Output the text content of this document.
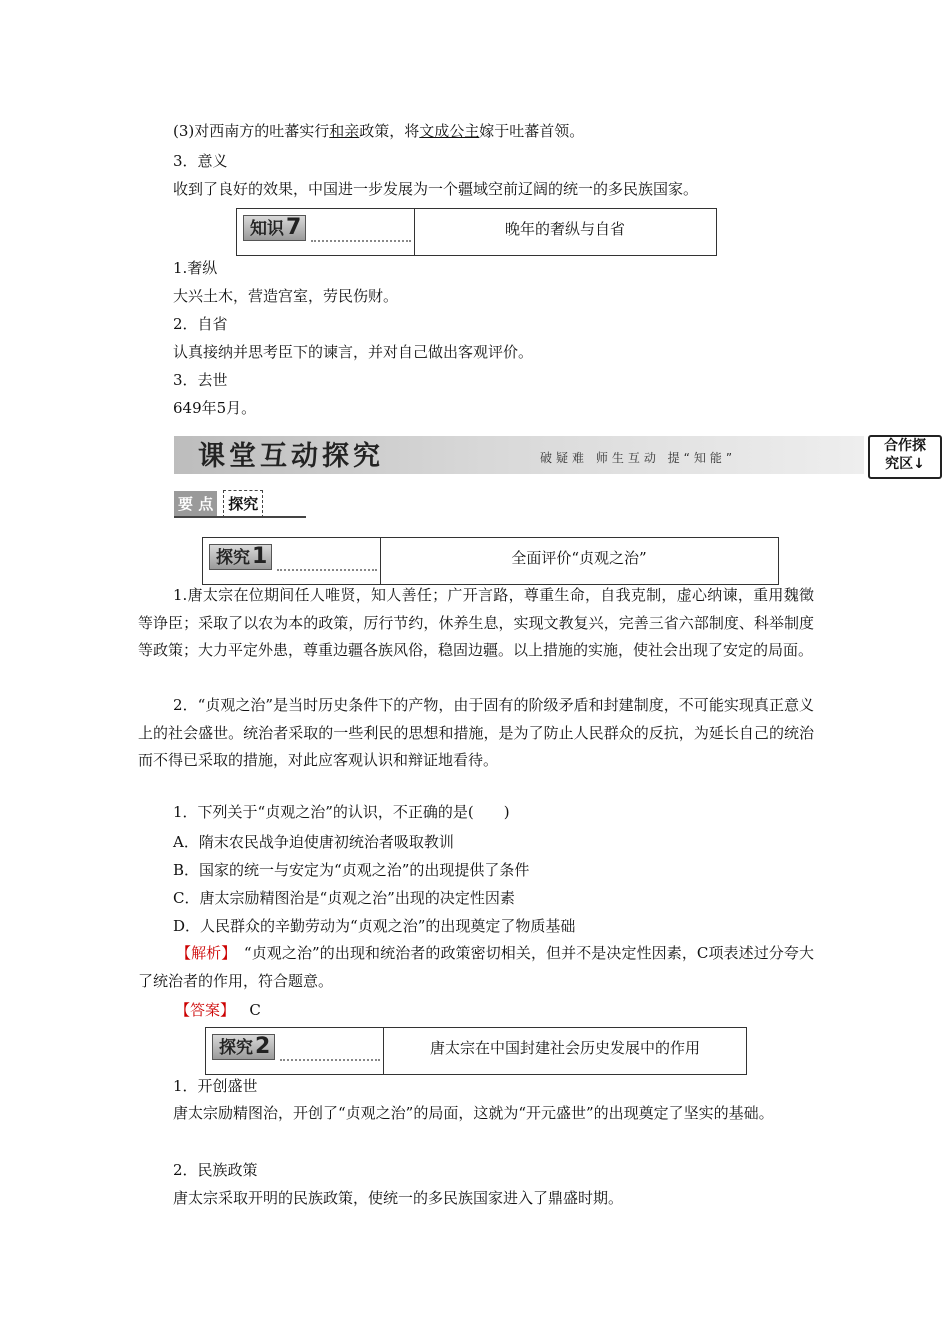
(3)对西南方的吐蕃实行和亲政策，将文成公主嫁于吐蕃首领。
3．意义
收到了良好的效果，中国进一步发展为一个疆域空前辽阔的统一的多民族国家。
知识7	晚年的奢纵与自省
1.奢纵
大兴土木，营造宫室，劳民伤财。
2．自省
认真接纳并思考臣下的谏言，并对自己做出客观评价。
3．去世
649年5月。
课堂互动探究	破疑难 师生互动 提“知能”
合作探
究区↓
要 点 探究
探究1	全面评价“贞观之治”
1.唐太宗在位期间任人唯贤，知人善任；广开言路，尊重生命，自我克制，虚心纳谏，重用魏徵等诤臣；采取了以农为本的政策，厉行节约，休养生息，实现文教复兴，完善三省六部制度、科举制度等政策；大力平定外患，尊重边疆各族风俗，稳固边疆。以上措施的实施，使社会出现了安定的局面。
2．“贞观之治”是当时历史条件下的产物，由于固有的阶级矛盾和封建制度，不可能实现真正意义上的社会盛世。统治者采取的一些利民的思想和措施，是为了防止人民群众的反抗，为延长自己的统治而不得已采取的措施，对此应客观认识和辩证地看待。
1．下列关于“贞观之治”的认识，不正确的是(　　)
A．隋末农民战争迫使唐初统治者吸取教训
B．国家的统一与安定为“贞观之治”的出现提供了条件
C．唐太宗励精图治是“贞观之治”出现的决定性因素
D．人民群众的辛勤劳动为“贞观之治”的出现奠定了物质基础
【解析】　“贞观之治”的出现和统治者的政策密切相关，但并不是决定性因素，C项表述过分夸大了统治者的作用，符合题意。
【答案】 C
探究2	唐太宗在中国封建社会历史发展中的作用
1．开创盛世
唐太宗励精图治，开创了“贞观之治”的局面，这就为“开元盛世”的出现奠定了坚实的基础。
2．民族政策
唐太宗采取开明的民族政策，使统一的多民族国家进入了鼎盛时期。
